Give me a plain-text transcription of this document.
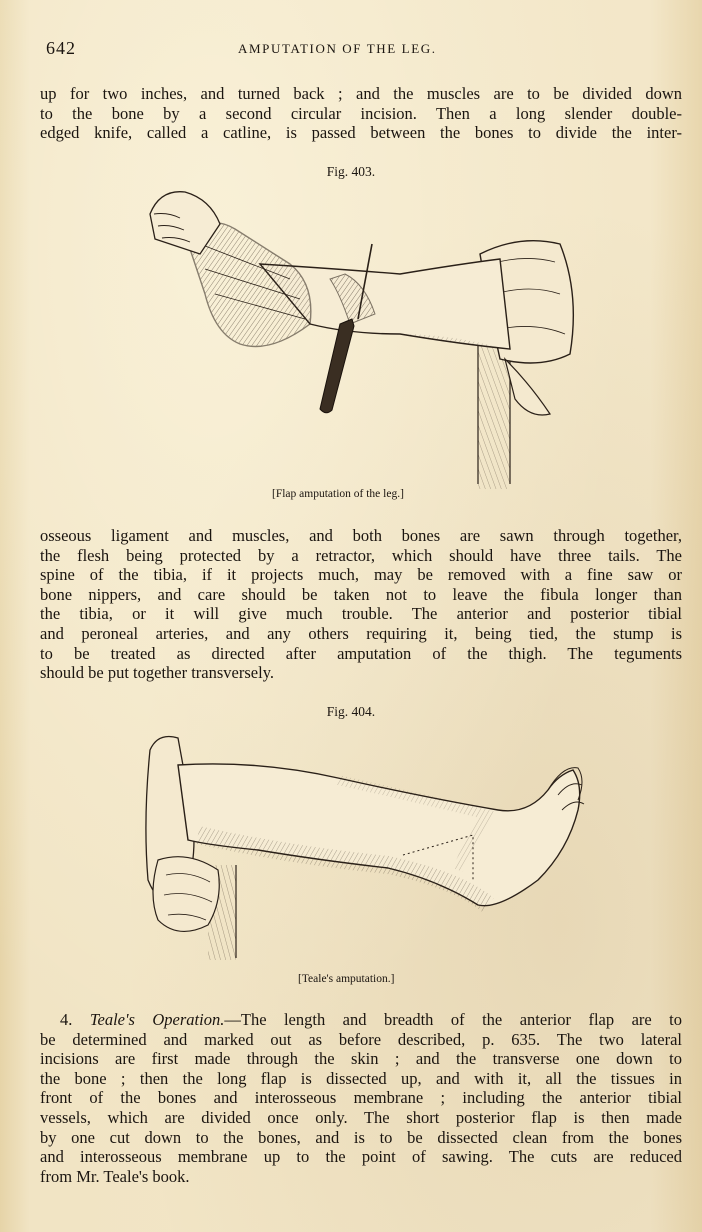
642	AMPUTATION OF THE LEG.
up for two inches, and turned back ; and the muscles are to be divided down
to the bone by a second circular incision. Then a long slender double-
edged knife, called a catline, is passed between the bones to divide the inter-
Fig. 403.
[Flap amputation of the leg.]
osseous ligament and muscles, and both bones are sawn through together,
the flesh being protected by a retractor, which should have three tails. The
spine of the tibia, if it projects much, may be removed with a fine saw or
bone nippers, and care should be taken not to leave the fibula longer than
the tibia, or it will give much trouble. The anterior and posterior tibial
and peroneal arteries, and any others requiring it, being tied, the stump is
to be treated as directed after amputation of the thigh. The teguments
should be put together transversely.
Fig. 404.
[Teale's amputation.]
4. Teale's Operation.—The length and breadth of the anterior flap are to
be determined and marked out as before described, p. 635. The two lateral
incisions are first made through the skin ; and the transverse one down to
the bone ; then the long flap is dissected up, and with it, all the tissues in
front of the bones and interosseous membrane ; including the anterior tibial
vessels, which are divided once only. The short posterior flap is then made
by one cut down to the bones, and is to be dissected clean from the bones
and interosseous membrane up to the point of sawing. The cuts are reduced
from Mr. Teale's book.
